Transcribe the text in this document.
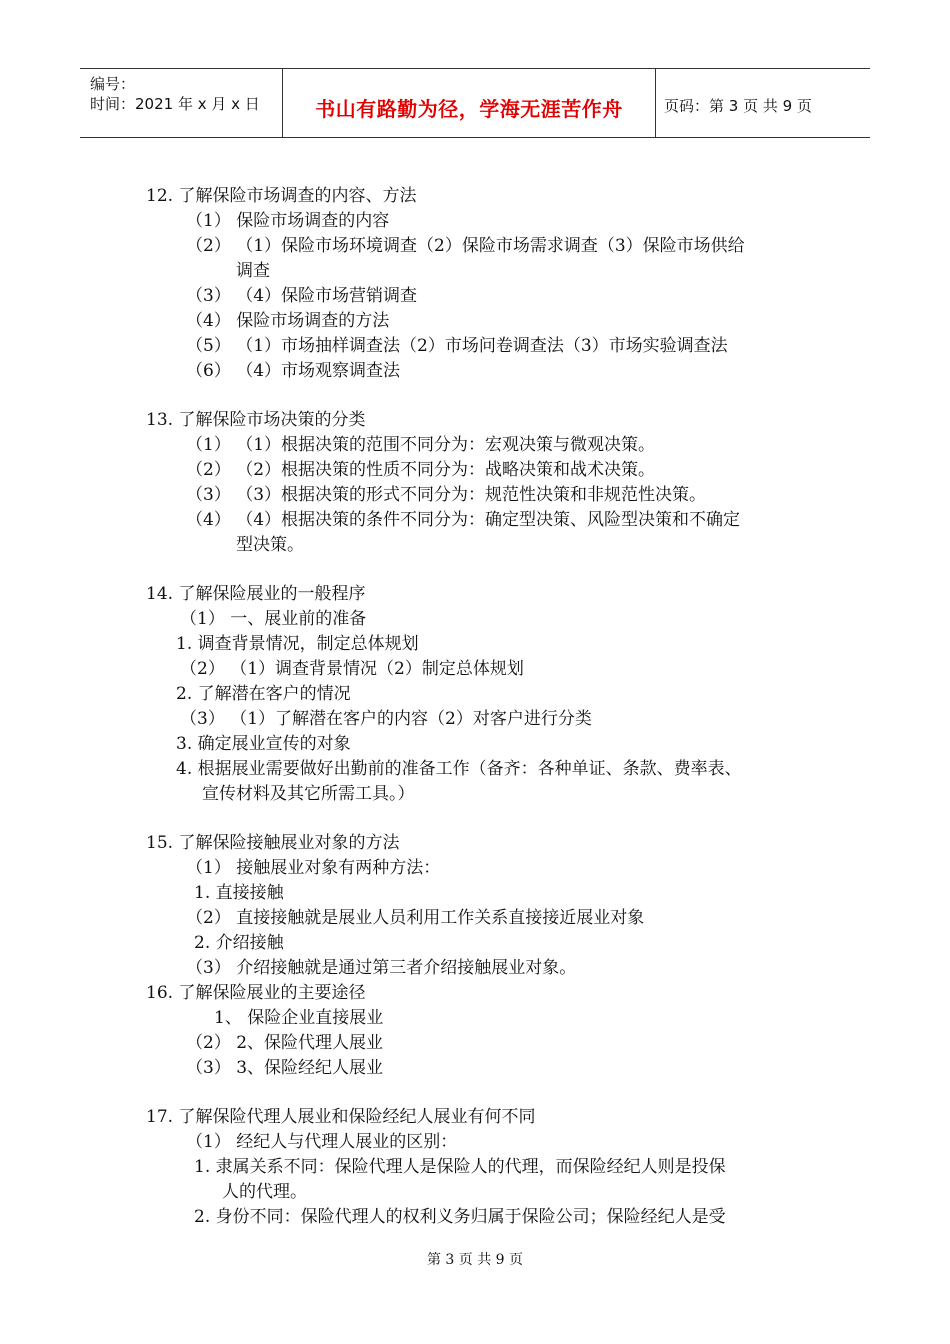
编号：
时间：2021 年 x 月 x 日	书山有路勤为径，学海无涯苦作舟	页码：第 3 页 共 9 页
12. 了解保险市场调查的内容、方法
（1） 保险市场调查的内容
（2） （1）保险市场环境调查（2）保险市场需求调查（3）保险市场供给
调查
（3） （4）保险市场营销调查
（4） 保险市场调查的方法
（5） （1）市场抽样调查法（2）市场问卷调查法（3）市场实验调查法
（6） （4）市场观察调查法
13. 了解保险市场决策的分类
（1） （1）根据决策的范围不同分为：宏观决策与微观决策。
（2） （2）根据决策的性质不同分为：战略决策和战术决策。
（3） （3）根据决策的形式不同分为：规范性决策和非规范性决策。
（4） （4）根据决策的条件不同分为：确定型决策、风险型决策和不确定
型决策。
14. 了解保险展业的一般程序
（1） 一、展业前的准备
1. 调查背景情况，制定总体规划
（2） （1）调查背景情况（2）制定总体规划
2. 了解潜在客户的情况
（3） （1）了解潜在客户的内容（2）对客户进行分类
3. 确定展业宣传的对象
4. 根据展业需要做好出勤前的准备工作（备齐：各种单证、条款、费率表、
宣传材料及其它所需工具。）
15. 了解保险接触展业对象的方法
（1） 接触展业对象有两种方法：
1. 直接接触
（2） 直接接触就是展业人员利用工作关系直接接近展业对象
2. 介绍接触
（3） 介绍接触就是通过第三者介绍接触展业对象。
16. 了解保险展业的主要途径
1、 保险企业直接展业
（2） 2、保险代理人展业
（3） 3、保险经纪人展业
17. 了解保险代理人展业和保险经纪人展业有何不同
（1） 经纪人与代理人展业的区别：
1. 隶属关系不同：保险代理人是保险人的代理，而保险经纪人则是投保
人的代理。
2. 身份不同：保险代理人的权利义务归属于保险公司；保险经纪人是受
第 3 页 共 9 页
